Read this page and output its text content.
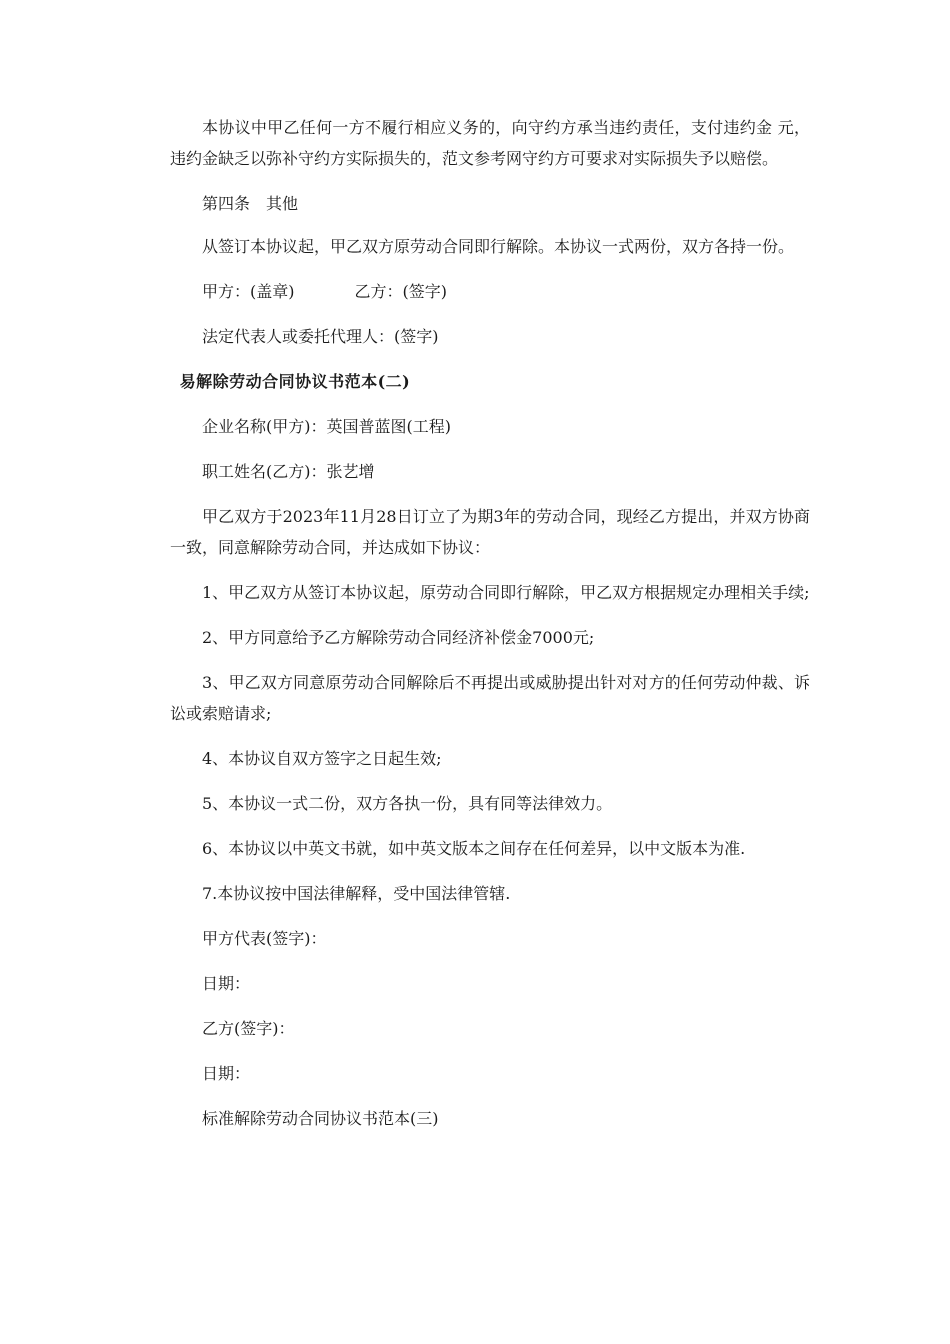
本协议中甲乙任何一方不履行相应义务的，向守约方承当违约责任，支付违约金 元，违约金缺乏以弥补守约方实际损失的，范文参考网守约方可要求对实际损失予以赔偿。

第四条　其他

从签订本协议起，甲乙双方原劳动合同即行解除。本协议一式两份，双方各持一份。

甲方：(盖章)	乙方：(签字)

法定代表人或委托代理人：(签字)

易解除劳动合同协议书范本(二)

企业名称(甲方)：英国普蓝图(工程)

职工姓名(乙方)：张艺增

甲乙双方于2023年11月28日订立了为期3年的劳动合同，现经乙方提出，并双方协商一致，同意解除劳动合同，并达成如下协议：

1、甲乙双方从签订本协议起，原劳动合同即行解除，甲乙双方根据规定办理相关手续;

2、甲方同意给予乙方解除劳动合同经济补偿金7000元;

3、甲乙双方同意原劳动合同解除后不再提出或威胁提出针对对方的任何劳动仲裁、诉讼或索赔请求;

4、本协议自双方签字之日起生效;

5、本协议一式二份，双方各执一份，具有同等法律效力。

6、本协议以中英文书就，如中英文版本之间存在任何差异，以中文版本为准.

7.本协议按中国法律解释，受中国法律管辖.

甲方代表(签字)：

日期：

乙方(签字)：

日期：

标准解除劳动合同协议书范本(三)
